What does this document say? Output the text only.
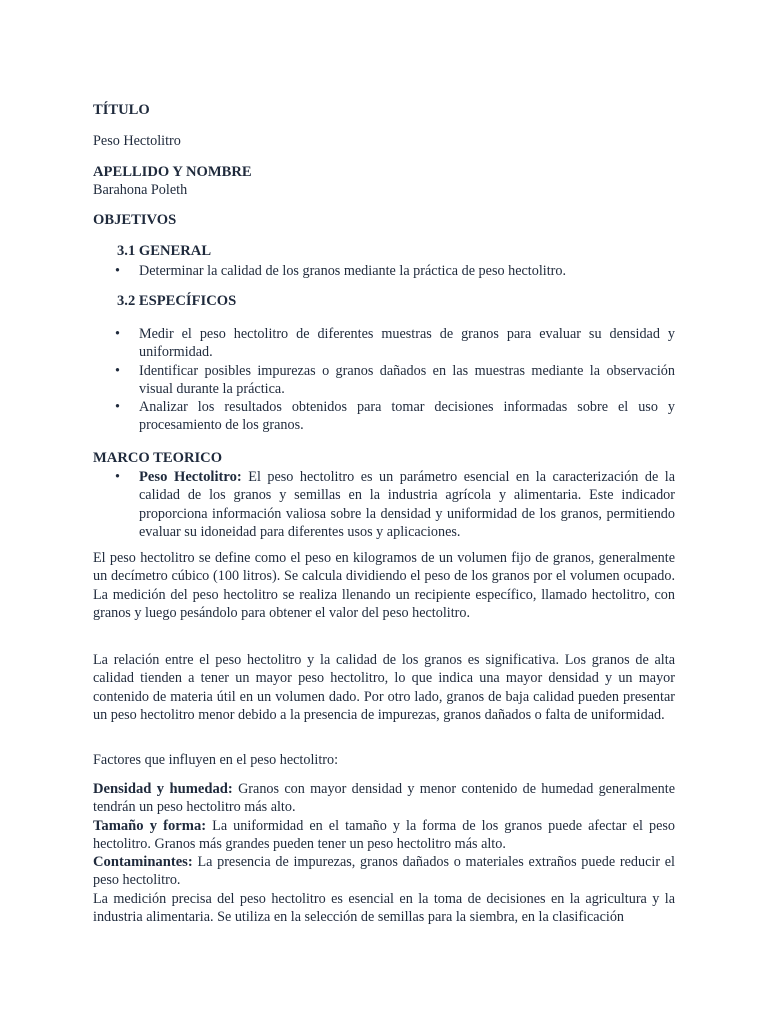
TÍTULO
Peso Hectolitro
APELLIDO Y NOMBRE
Barahona Poleth
OBJETIVOS
3.1 GENERAL
• Determinar la calidad de los granos mediante la práctica de peso hectolitro.
3.2 ESPECÍFICOS
• Medir el peso hectolitro de diferentes muestras de granos para evaluar su densidad y uniformidad.
• Identificar posibles impurezas o granos dañados en las muestras mediante la observación visual durante la práctica.
• Analizar los resultados obtenidos para tomar decisiones informadas sobre el uso y procesamiento de los granos.
MARCO TEORICO
• Peso Hectolitro: El peso hectolitro es un parámetro esencial en la caracterización de la calidad de los granos y semillas en la industria agrícola y alimentaria. Este indicador proporciona información valiosa sobre la densidad y uniformidad de los granos, permitiendo evaluar su idoneidad para diferentes usos y aplicaciones.
El peso hectolitro se define como el peso en kilogramos de un volumen fijo de granos, generalmente un decímetro cúbico (100 litros). Se calcula dividiendo el peso de los granos por el volumen ocupado. La medición del peso hectolitro se realiza llenando un recipiente específico, llamado hectolitro, con granos y luego pesándolo para obtener el valor del peso hectolitro.
La relación entre el peso hectolitro y la calidad de los granos es significativa. Los granos de alta calidad tienden a tener un mayor peso hectolitro, lo que indica una mayor densidad y un mayor contenido de materia útil en un volumen dado. Por otro lado, granos de baja calidad pueden presentar un peso hectolitro menor debido a la presencia de impurezas, granos dañados o falta de uniformidad.
Factores que influyen en el peso hectolitro:
Densidad y humedad: Granos con mayor densidad y menor contenido de humedad generalmente tendrán un peso hectolitro más alto.
Tamaño y forma: La uniformidad en el tamaño y la forma de los granos puede afectar el peso hectolitro. Granos más grandes pueden tener un peso hectolitro más alto.
Contaminantes: La presencia de impurezas, granos dañados o materiales extraños puede reducir el peso hectolitro.
La medición precisa del peso hectolitro es esencial en la toma de decisiones en la agricultura y la industria alimentaria. Se utiliza en la selección de semillas para la siembra, en la clasificación
